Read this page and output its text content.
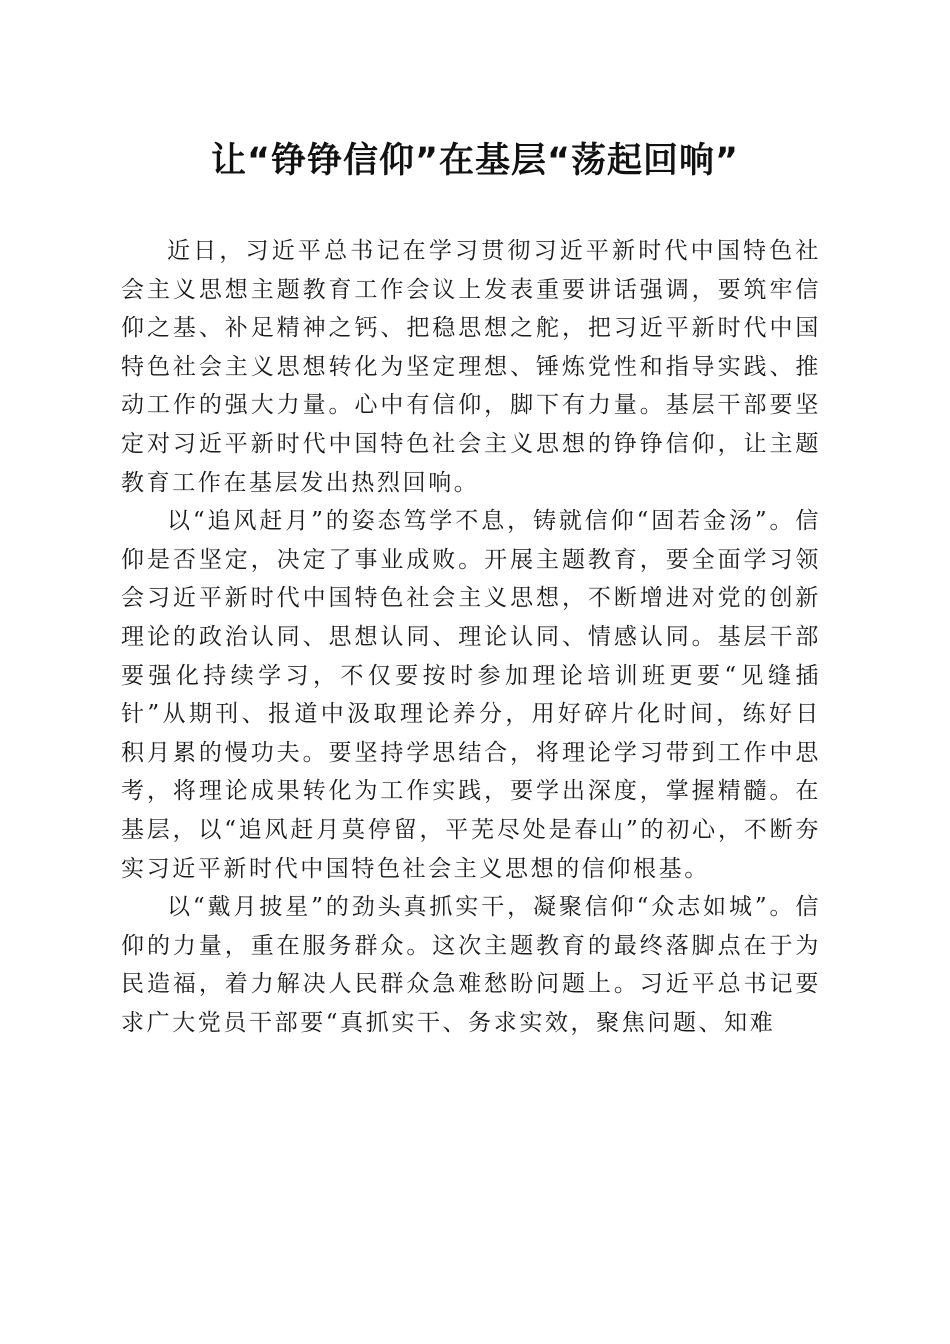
让“铮铮信仰”在基层“荡起回响”

近日，习近平总书记在学习贯彻习近平新时代中国特色社会主义思想主题教育工作会议上发表重要讲话强调，要筑牢信仰之基、补足精神之钙、把稳思想之舵，把习近平新时代中国特色社会主义思想转化为坚定理想、锤炼党性和指导实践、推动工作的强大力量。心中有信仰，脚下有力量。基层干部要坚定对习近平新时代中国特色社会主义思想的铮铮信仰，让主题教育工作在基层发出热烈回响。

以“追风赶月”的姿态笃学不息，铸就信仰“固若金汤”。信仰是否坚定，决定了事业成败。开展主题教育，要全面学习领会习近平新时代中国特色社会主义思想，不断增进对党的创新理论的政治认同、思想认同、理论认同、情感认同。基层干部要强化持续学习，不仅要按时参加理论培训班更要“见缝插针”从期刊、报道中汲取理论养分，用好碎片化时间，练好日积月累的慢功夫。要坚持学思结合，将理论学习带到工作中思考，将理论成果转化为工作实践，要学出深度，掌握精髓。在基层，以“追风赶月莫停留，平芜尽处是春山”的初心，不断夯实习近平新时代中国特色社会主义思想的信仰根基。

以“戴月披星”的劲头真抓实干，凝聚信仰“众志如城”。信仰的力量，重在服务群众。这次主题教育的最终落脚点在于为民造福，着力解决人民群众急难愁盼问题上。习近平总书记要求广大党员干部要“真抓实干、务求实效，聚焦问题、知难
